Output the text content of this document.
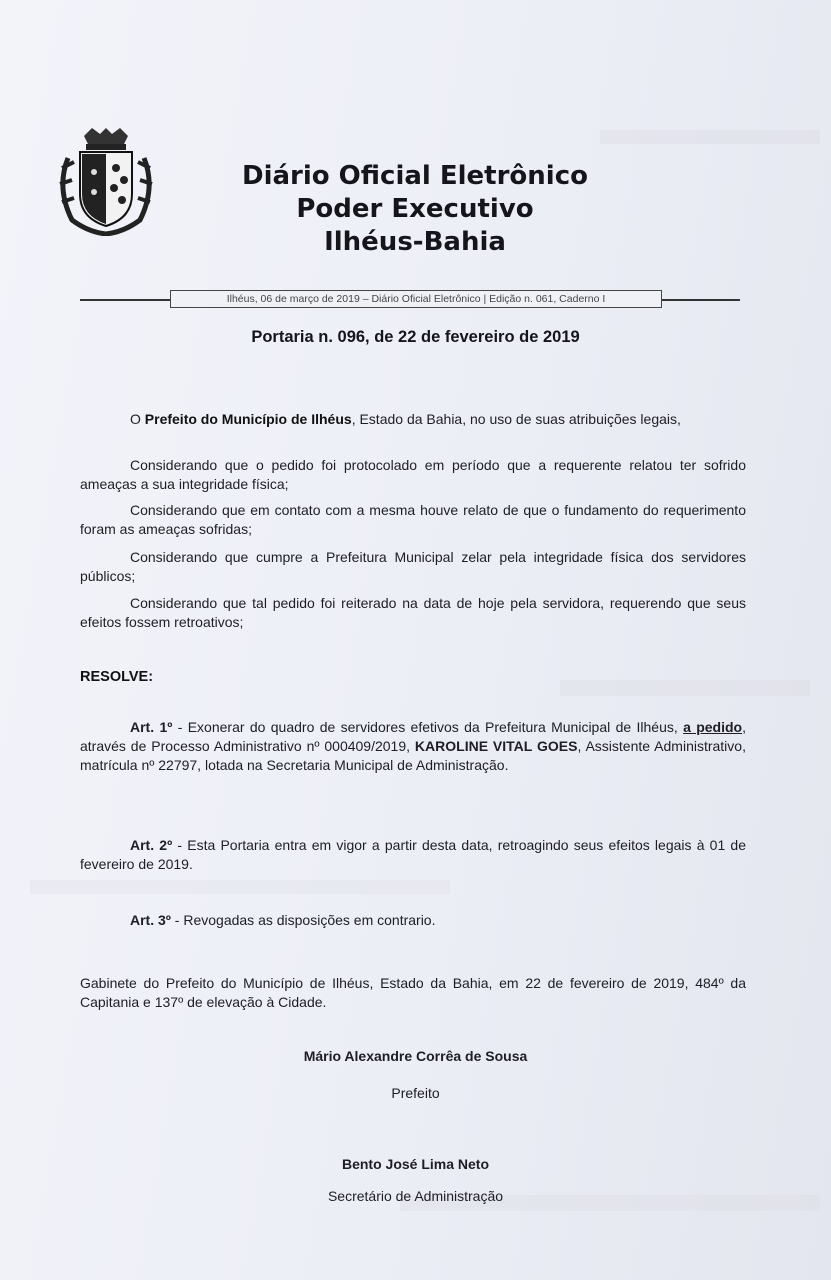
Diário Oficial Eletrônico
Poder Executivo
Ilhéus-Bahia
Ilhéus, 06 de março de 2019 – Diário Oficial Eletrônico | Edição n. 061, Caderno I
Portaria n. 096, de 22 de fevereiro de 2019

O Prefeito do Município de Ilhéus, Estado da Bahia, no uso de suas atribuições legais,

Considerando que o pedido foi protocolado em período que a requerente relatou ter sofrido ameaças a sua integridade física;

Considerando que em contato com a mesma houve relato de que o fundamento do requerimento foram as ameaças sofridas;

Considerando que cumpre a Prefeitura Municipal zelar pela integridade física dos servidores públicos;

Considerando que tal pedido foi reiterado na data de hoje pela servidora, requerendo que seus efeitos fossem retroativos;

RESOLVE:

Art. 1º - Exonerar do quadro de servidores efetivos da Prefeitura Municipal de Ilhéus, a pedido, através de Processo Administrativo nº 000409/2019, KAROLINE VITAL GOES, Assistente Administrativo, matrícula nº 22797, lotada na Secretaria Municipal de Administração.

Art. 2º - Esta Portaria entra em vigor a partir desta data, retroagindo seus efeitos legais à 01 de fevereiro de 2019.

Art. 3º - Revogadas as disposições em contrario.

Gabinete do Prefeito do Município de Ilhéus, Estado da Bahia, em 22 de fevereiro de 2019, 484º da Capitania e 137º de elevação à Cidade.

Mário Alexandre Corrêa de Sousa
Prefeito
Bento José Lima Neto
Secretário de Administração
